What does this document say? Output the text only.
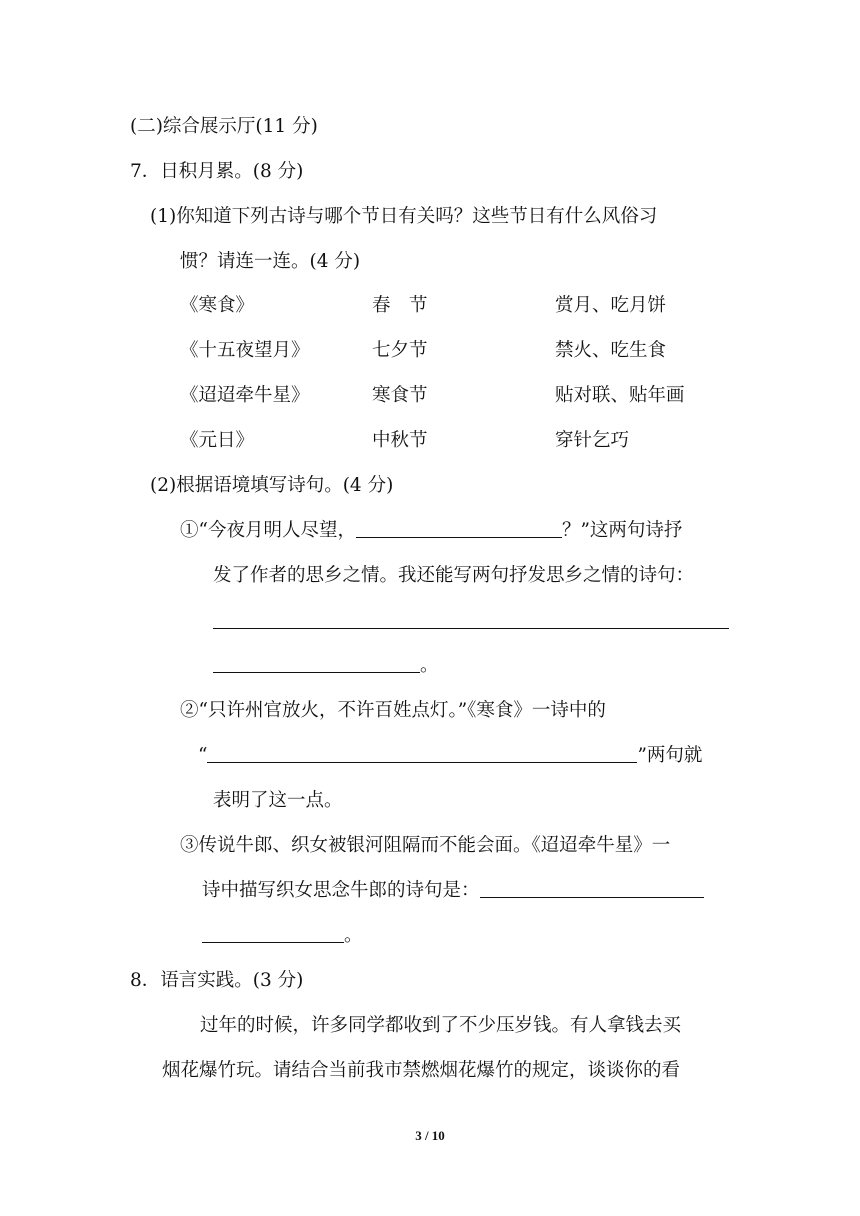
(二)综合展示厅(11 分)
7．日积月累。(8 分)
(1)你知道下列古诗与哪个节日有关吗？这些节日有什么风俗习
惯？请连一连。(4 分)
《寒食》
《十五夜望月》
《迢迢牵牛星》
《元日》
春　节
七夕节
寒食节
中秋节
赏月、吃月饼
禁火、吃生食
贴对联、贴年画
穿针乞巧
(2)根据语境填写诗句。(4 分)
①“今夜月明人尽望，	？”这两句诗抒
发了作者的思乡之情。我还能写两句抒发思乡之情的诗句：
。
②“只许州官放火，不许百姓点灯。”《寒食》一诗中的
“	”两句就
表明了这一点。
③传说牛郎、织女被银河阻隔而不能会面。《迢迢牵牛星》一
诗中描写织女思念牛郎的诗句是：
。
8．语言实践。(3 分)
过年的时候，许多同学都收到了不少压岁钱。有人拿钱去买
烟花爆竹玩。请结合当前我市禁燃烟花爆竹的规定，谈谈你的看
3 / 10
